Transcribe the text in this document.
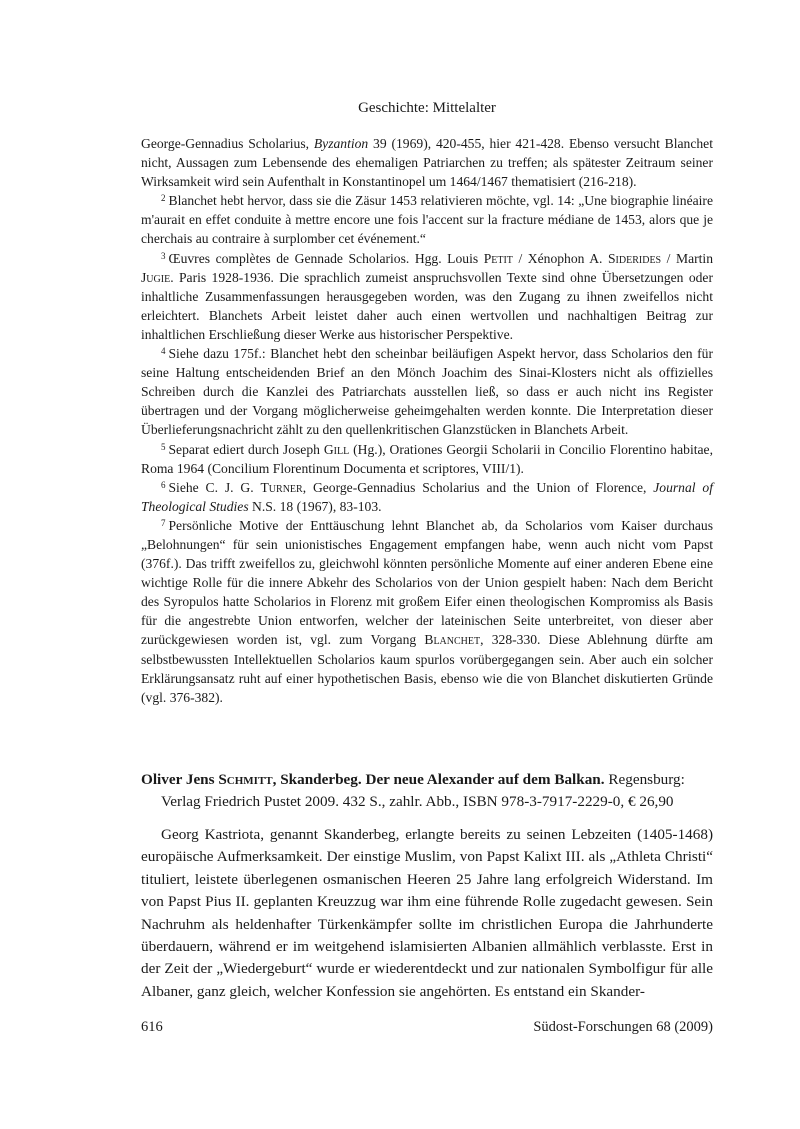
Geschichte: Mittelalter

George-Gennadius Scholarius, Byzantion 39 (1969), 420-455, hier 421-428. Ebenso versucht Blanchet nicht, Aussagen zum Lebensende des ehemaligen Patriarchen zu treffen; als spätester Zeitraum seiner Wirksamkeit wird sein Aufenthalt in Konstantinopel um 1464/1467 thematisiert (216-218).

$^2$ Blanchet hebt hervor, dass sie die Zäsur 1453 relativieren möchte, vgl. 14: „Une biographie linéaire m'aurait en effet conduite à mettre encore une fois l'accent sur la fracture médiane de 1453, alors que je cherchais au contraire à surplomber cet événement.“

$^3$ Œuvres complètes de Gennade Scholarios. Hgg. Louis Petit / Xénophon A. Siderides / Martin Jugie. Paris 1928-1936. Die sprachlich zumeist anspruchsvollen Texte sind ohne Übersetzungen oder inhaltliche Zusammenfassungen herausgegeben worden, was den Zugang zu ihnen zweifellos nicht erleichtert. Blanchets Arbeit leistet daher auch einen wertvollen und nachhaltigen Beitrag zur inhaltlichen Erschließung dieser Werke aus historischer Perspektive.

$^4$ Siehe dazu 175f.: Blanchet hebt den scheinbar beiläufigen Aspekt hervor, dass Scholarios den für seine Haltung entscheidenden Brief an den Mönch Joachim des Sinai-Klosters nicht als offizielles Schreiben durch die Kanzlei des Patriarchats ausstellen ließ, so dass er auch nicht ins Register übertragen und der Vorgang möglicherweise geheimgehalten werden konnte. Die Interpretation dieser Überlieferungsnachricht zählt zu den quellenkritischen Glanzstücken in Blanchets Arbeit.

$^5$ Separat ediert durch Joseph Gill (Hg.), Orationes Georgii Scholarii in Concilio Florentino habitae, Roma 1964 (Concilium Florentinum Documenta et scriptores, VIII/1).

$^6$ Siehe C. J. G. Turner, George-Gennadius Scholarius and the Union of Florence, Journal of Theological Studies N.S. 18 (1967), 83-103.

$^7$ Persönliche Motive der Enttäuschung lehnt Blanchet ab, da Scholarios vom Kaiser durchaus „Belohnungen“ für sein unionistisches Engagement empfangen habe, wenn auch nicht vom Papst (376f.). Das trifft zweifellos zu, gleichwohl könnten persönliche Momente auf einer anderen Ebene eine wichtige Rolle für die innere Abkehr des Scholarios von der Union gespielt haben: Nach dem Bericht des Syropulos hatte Scholarios in Florenz mit großem Eifer einen theologischen Kompromiss als Basis für die angestrebte Union entworfen, welcher der lateinischen Seite unterbreitet, von dieser aber zurückgewiesen worden ist, vgl. zum Vorgang Blanchet, 328-330. Diese Ablehnung dürfte am selbstbewussten Intellektuellen Scholarios kaum spurlos vorübergegangen sein. Aber auch ein solcher Erklärungsansatz ruht auf einer hypothetischen Basis, ebenso wie die von Blanchet diskutierten Gründe (vgl. 376-382).

Oliver Jens Schmitt, Skanderbeg. Der neue Alexander auf dem Balkan. Regensburg:
Verlag Friedrich Pustet 2009. 432 S., zahlr. Abb., ISBN 978-3-7917-2229-0, € 26,90

Georg Kastriota, genannt Skanderbeg, erlangte bereits zu seinen Lebzeiten (1405-1468) europäische Aufmerksamkeit. Der einstige Muslim, von Papst Kalixt III. als „Athleta Christi“ tituliert, leistete überlegenen osmanischen Heeren 25 Jahre lang erfolgreich Widerstand. Im von Papst Pius II. geplanten Kreuzzug war ihm eine führende Rolle zugedacht gewesen. Sein Nachruhm als heldenhafter Türkenkämpfer sollte im christlichen Europa die Jahrhunderte überdauern, während er im weitgehend islamisierten Albanien allmählich verblasste. Erst in der Zeit der „Wiedergeburt“ wurde er wiederentdeckt und zur nationalen Symbolfigur für alle Albaner, ganz gleich, welcher Konfession sie angehörten. Es entstand ein Skander-

616	Südost-Forschungen 68 (2009)
